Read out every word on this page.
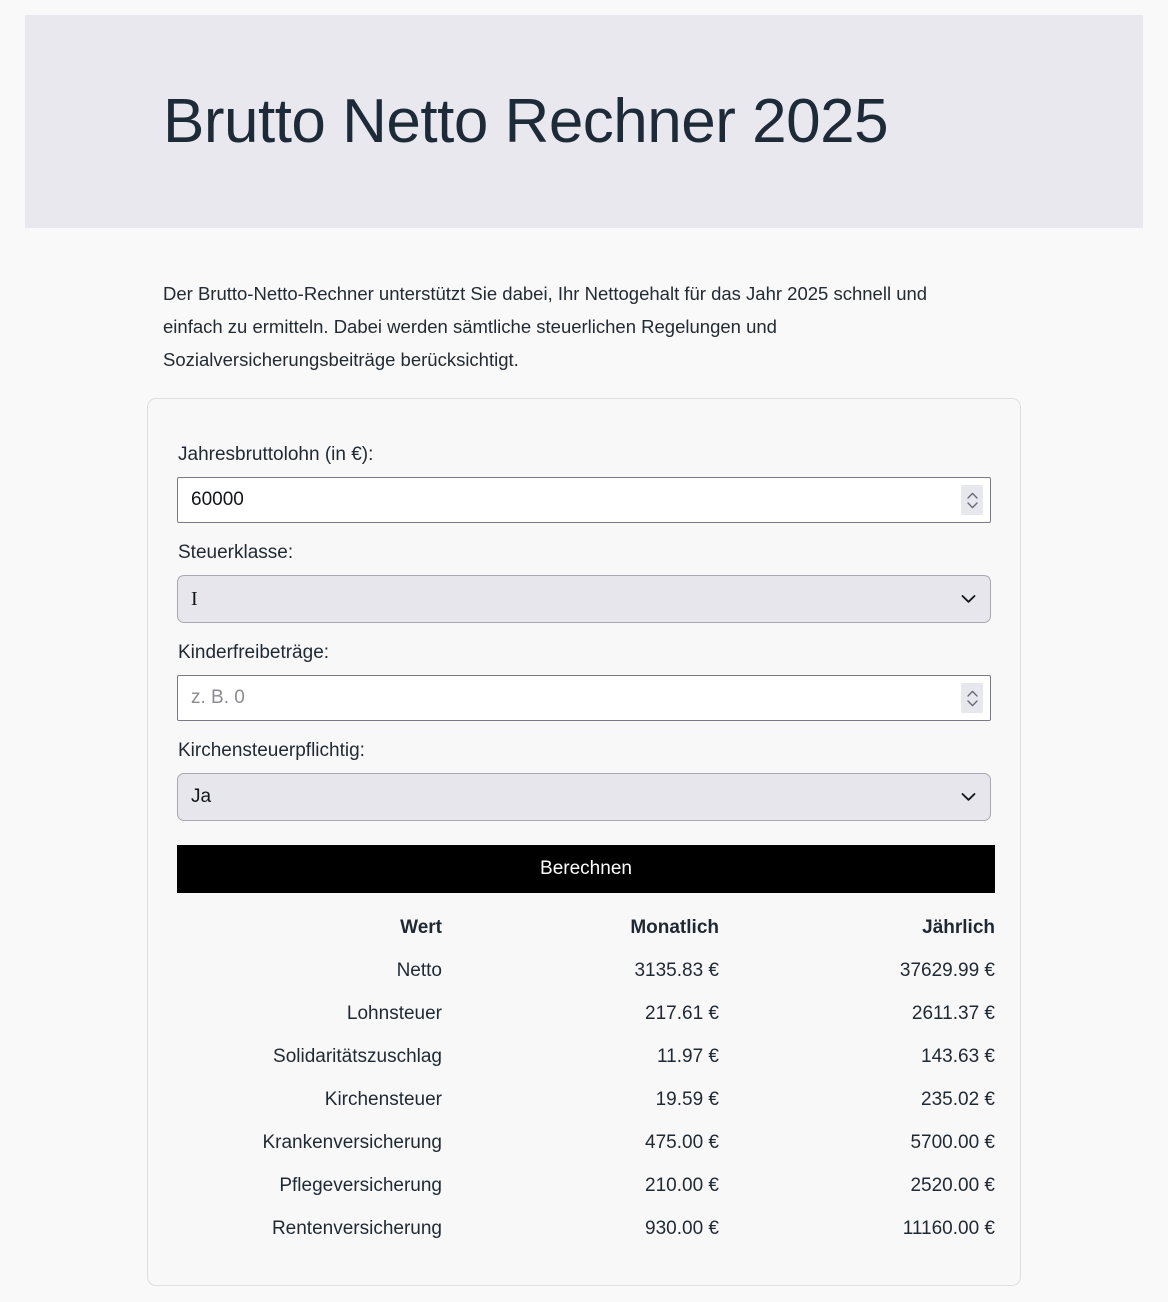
Brutto Netto Rechner 2025

Der Brutto-Netto-Rechner unterstützt Sie dabei, Ihr Nettogehalt für das Jahr 2025 schnell und einfach zu ermitteln. Dabei werden sämtliche steuerlichen Regelungen und Sozialversicherungsbeiträge berücksichtigt.

Jahresbruttolohn (in €):
60000
Steuerklasse:
I
Kinderfreibeträge:
z. B. 0
Kirchensteuerpflichtig:
Ja
Berechnen
Wert	Monatlich	Jährlich
Netto	3135.83 €	37629.99 €
Lohnsteuer	217.61 €	2611.37 €
Solidaritätszuschlag	11.97 €	143.63 €
Kirchensteuer	19.59 €	235.02 €
Krankenversicherung	475.00 €	5700.00 €
Pflegeversicherung	210.00 €	2520.00 €
Rentenversicherung	930.00 €	11160.00 €
